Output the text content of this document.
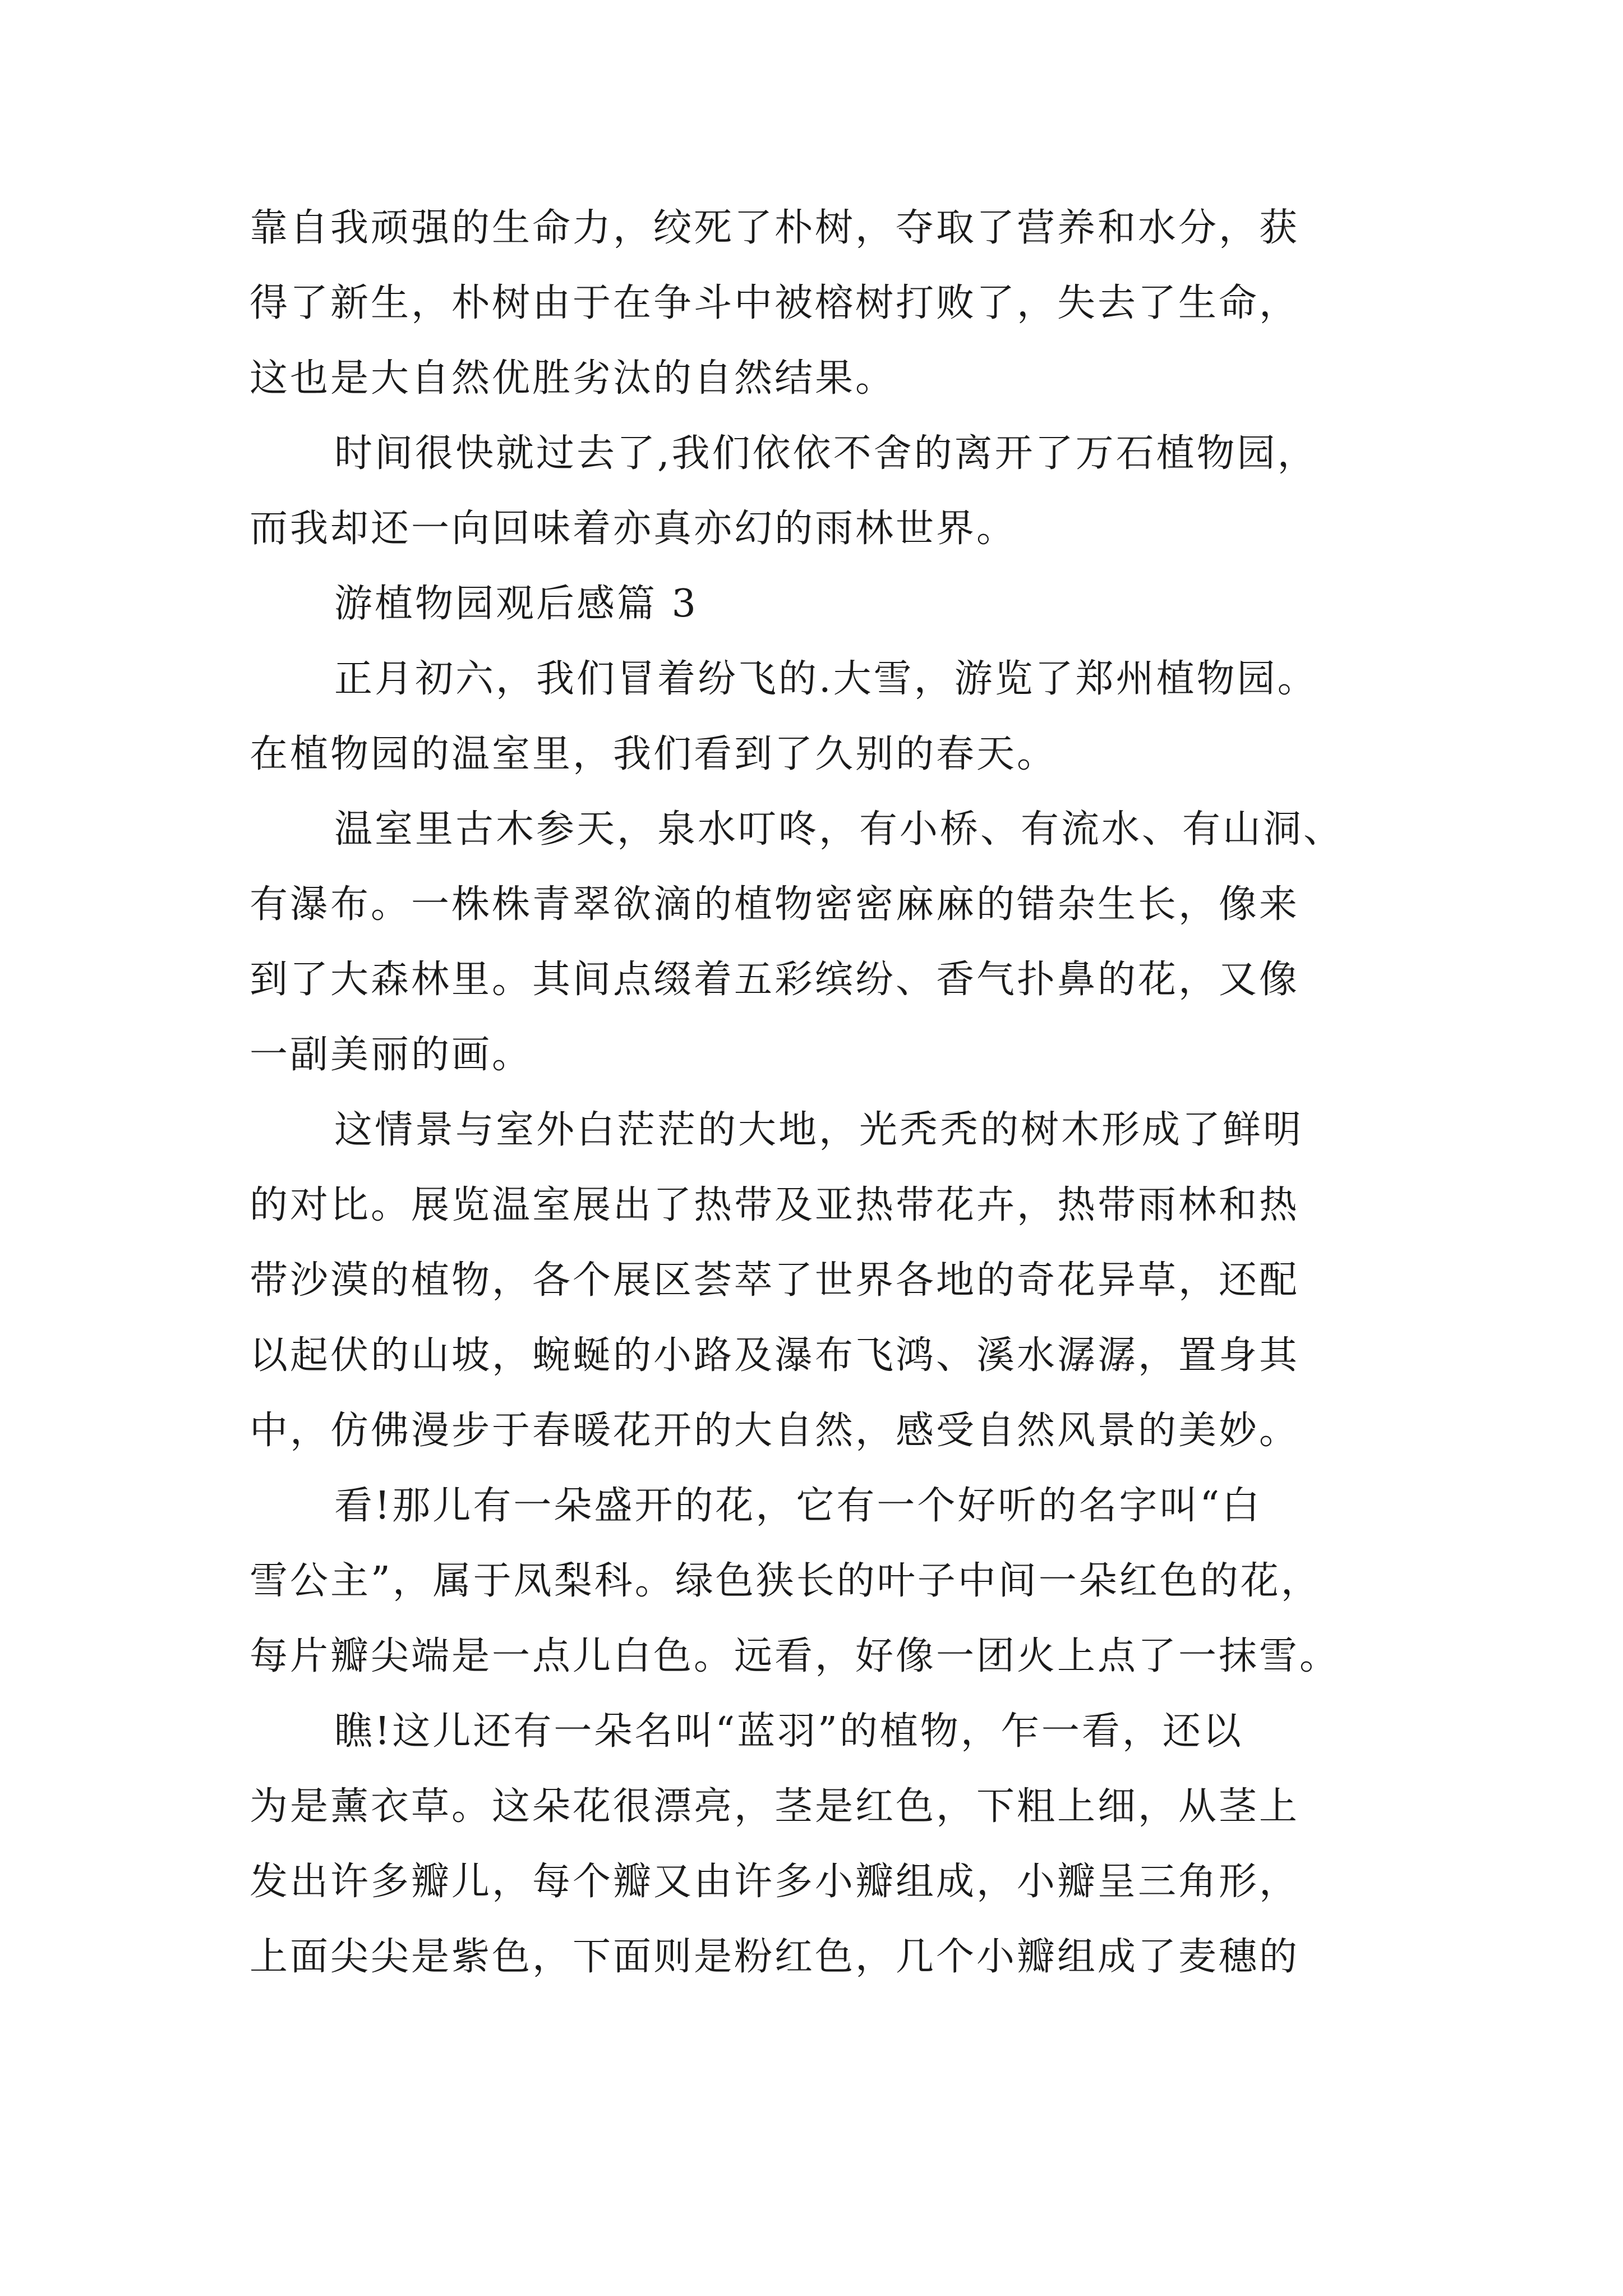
靠自我顽强的生命力，绞死了朴树，夺取了营养和水分，获
得了新生，朴树由于在争斗中被榕树打败了，失去了生命，
这也是大自然优胜劣汰的自然结果。
时间很快就过去了,我们依依不舍的离开了万石植物园，
而我却还一向回味着亦真亦幻的雨林世界。
游植物园观后感篇 3
正月初六，我们冒着纷飞的.大雪，游览了郑州植物园。
在植物园的温室里，我们看到了久别的春天。
温室里古木参天，泉水叮咚，有小桥、有流水、有山洞、
有瀑布。一株株青翠欲滴的植物密密麻麻的错杂生长，像来
到了大森林里。其间点缀着五彩缤纷、香气扑鼻的花，又像
一副美丽的画。
这情景与室外白茫茫的大地，光秃秃的树木形成了鲜明
的对比。展览温室展出了热带及亚热带花卉，热带雨林和热
带沙漠的植物，各个展区荟萃了世界各地的奇花异草，还配
以起伏的山坡，蜿蜒的小路及瀑布飞鸿、溪水潺潺，置身其
中，仿佛漫步于春暖花开的大自然，感受自然风景的美妙。
看!那儿有一朵盛开的花，它有一个好听的名字叫“白
雪公主”，属于凤梨科。绿色狭长的叶子中间一朵红色的花，
每片瓣尖端是一点儿白色。远看，好像一团火上点了一抹雪。
瞧!这儿还有一朵名叫“蓝羽”的植物，乍一看，还以
为是薰衣草。这朵花很漂亮，茎是红色，下粗上细，从茎上
发出许多瓣儿，每个瓣又由许多小瓣组成，小瓣呈三角形，
上面尖尖是紫色，下面则是粉红色，几个小瓣组成了麦穗的
